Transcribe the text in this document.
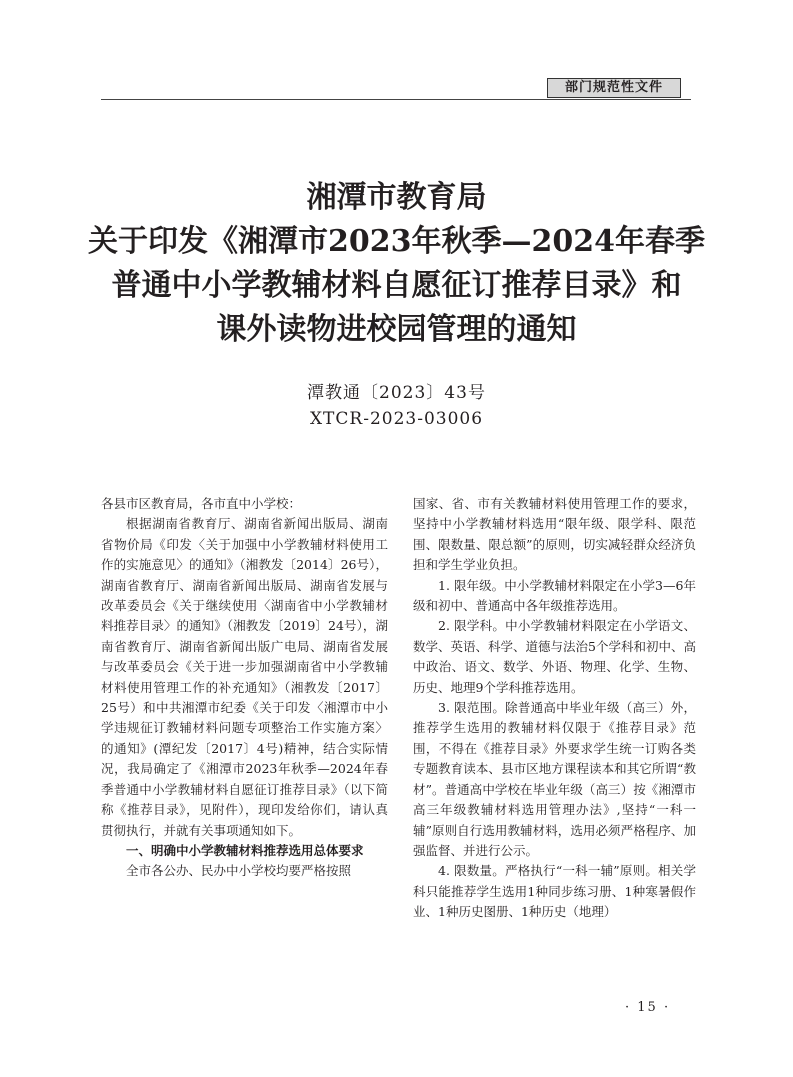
部门规范性文件
湘潭市教育局
关于印发《湘潭市2023年秋季—2024年春季
普通中小学教辅材料自愿征订推荐目录》和
课外读物进校园管理的通知
潭教通〔2023〕43号
XTCR-2023-03006

各县市区教育局，各市直中小学校：

根据湖南省教育厅、湖南省新闻出版局、湖南省物价局《印发〈关于加强中小学教辅材料使用工作的实施意见〉的通知》（湘教发〔2014〕26号），湖南省教育厅、湖南省新闻出版局、湖南省发展与改革委员会《关于继续使用〈湖南省中小学教辅材料推荐目录〉的通知》（湘教发〔2019〕24号），湖南省教育厅、湖南省新闻出版广电局、湖南省发展与改革委员会《关于进一步加强湖南省中小学教辅材料使用管理工作的补充通知》（湘教发〔2017〕25号）和中共湘潭市纪委《关于印发〈湘潭市中小学违规征订教辅材料问题专项整治工作实施方案〉的通知》(潭纪发〔2017〕4号)精神，结合实际情况，我局确定了《湘潭市2023年秋季—2024年春季普通中小学教辅材料自愿征订推荐目录》（以下简称《推荐目录》，见附件），现印发给你们，请认真贯彻执行，并就有关事项通知如下。

一、明确中小学教辅材料推荐选用总体要求

全市各公办、民办中小学校均要严格按照

国家、省、市有关教辅材料使用管理工作的要求，坚持中小学教辅材料选用“限年级、限学科、限范围、限数量、限总额”的原则，切实减轻群众经济负担和学生学业负担。

1. 限年级。中小学教辅材料限定在小学3—6年级和初中、普通高中各年级推荐选用。

2. 限学科。中小学教辅材料限定在小学语文、数学、英语、科学、道德与法治5个学科和初中、高中政治、语文、数学、外语、物理、化学、生物、历史、地理9个学科推荐选用。

3. 限范围。除普通高中毕业年级（高三）外，推荐学生选用的教辅材料仅限于《推荐目录》范围，不得在《推荐目录》外要求学生统一订购各类专题教育读本、县市区地方课程读本和其它所谓“教材”。普通高中学校在毕业年级（高三）按《湘潭市高三年级教辅材料选用管理办法》,坚持“一科一辅”原则自行选用教辅材料，选用必须严格程序、加强监督、并进行公示。

4. 限数量。严格执行“一科一辅”原则。相关学科只能推荐学生选用1种同步练习册、1种寒暑假作业、1种历史图册、1种历史（地理）

· 15 ·
